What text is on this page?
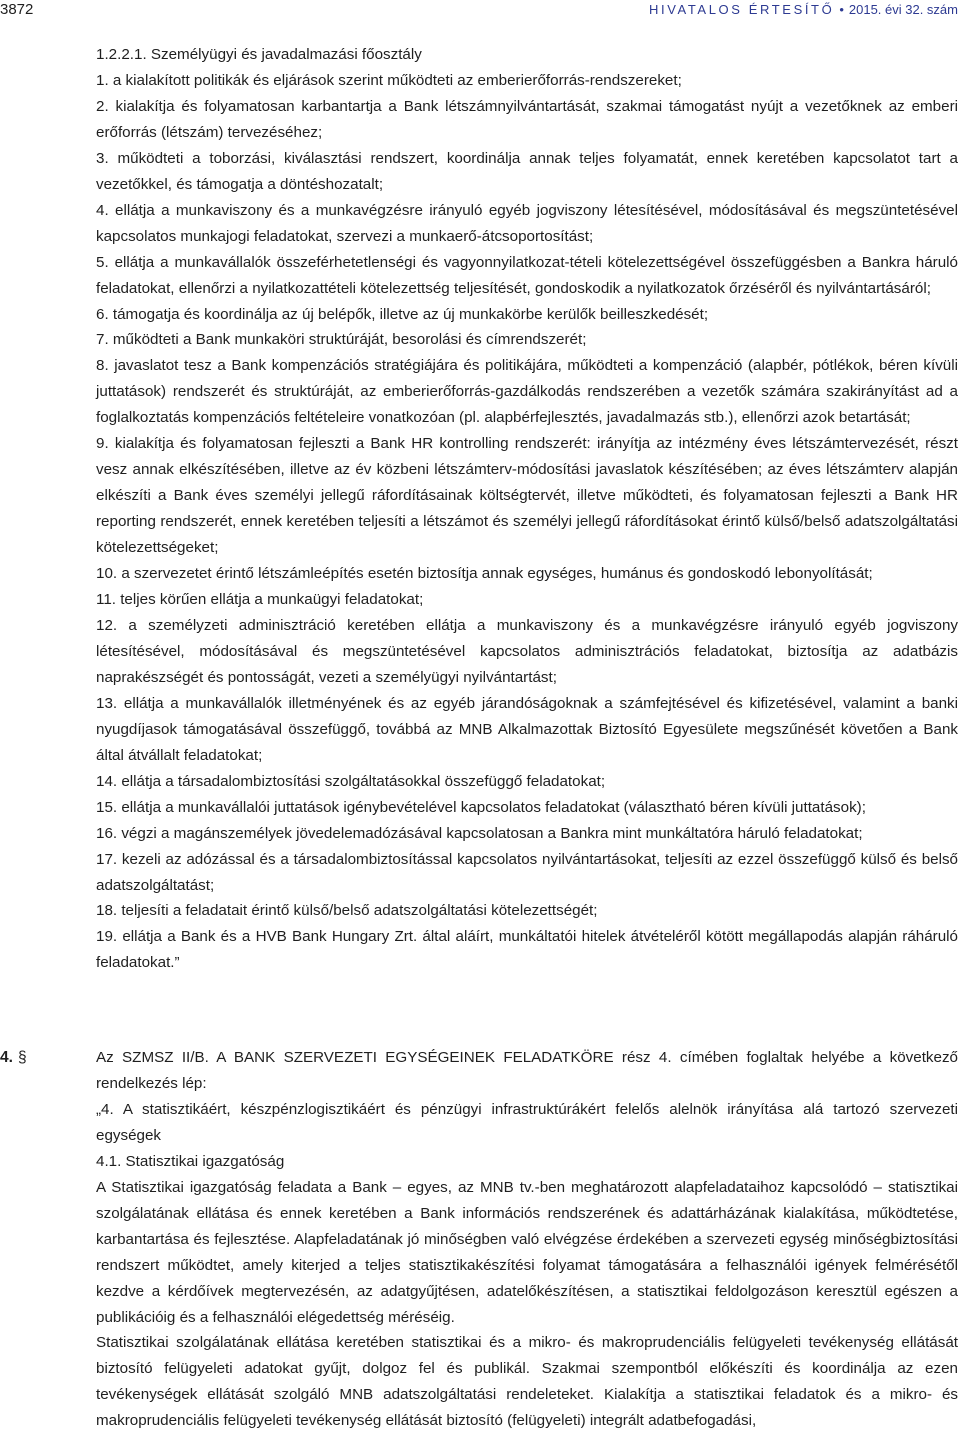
3872	HIVATALOS ÉRTESÍTŐ • 2015. évi 32. szám

1.2.2.1. Személyügyi és javadalmazási főosztály

1. a kialakított politikák és eljárások szerint működteti az emberierőforrás-rendszereket;

2. kialakítja és folyamatosan karbantartja a Bank létszámnyilvántartását, szakmai támogatást nyújt a vezetőknek az emberi erőforrás (létszám) tervezéséhez;

3. működteti a toborzási, kiválasztási rendszert, koordinálja annak teljes folyamatát, ennek keretében kapcsolatot tart a vezetőkkel, és támogatja a döntéshozatalt;

4. ellátja a munkaviszony és a munkavégzésre irányuló egyéb jogviszony létesítésével, módosításával és megszüntetésével kapcsolatos munkajogi feladatokat, szervezi a munkaerő-átcsoportosítást;

5. ellátja a munkavállalók összeférhetetlenségi és vagyonnyilatkozat-tételi kötelezettségével összefüggésben a Bankra háruló feladatokat, ellenőrzi a nyilatkozattételi kötelezettség teljesítését, gondoskodik a nyilatkozatok őrzéséről és nyilvántartásáról;

6. támogatja és koordinálja az új belépők, illetve az új munkakörbe kerülők beilleszkedését;

7. működteti a Bank munkaköri struktúráját, besorolási és címrendszerét;

8. javaslatot tesz a Bank kompenzációs stratégiájára és politikájára, működteti a kompenzáció (alapbér, pótlékok, béren kívüli juttatások) rendszerét és struktúráját, az emberierőforrás-gazdálkodás rendszerében a vezetők számára szakirányítást ad a foglalkoztatás kompenzációs feltételeire vonatkozóan (pl. alapbérfejlesztés, javadalmazás stb.), ellenőrzi azok betartását;

9. kialakítja és folyamatosan fejleszti a Bank HR kontrolling rendszerét: irányítja az intézmény éves létszámtervezését, részt vesz annak elkészítésében, illetve az év közbeni létszámterv-módosítási javaslatok készítésében; az éves létszámterv alapján elkészíti a Bank éves személyi jellegű ráfordításainak költségtervét, illetve működteti, és folyamatosan fejleszti a Bank HR reporting rendszerét, ennek keretében teljesíti a létszámot és személyi jellegű ráfordításokat érintő külső/belső adatszolgáltatási kötelezettségeket;

10. a szervezetet érintő létszámleépítés esetén biztosítja annak egységes, humánus és gondoskodó lebonyolítását;

11. teljes körűen ellátja a munkaügyi feladatokat;

12. a személyzeti adminisztráció keretében ellátja a munkaviszony és a munkavégzésre irányuló egyéb jogviszony létesítésével, módosításával és megszüntetésével kapcsolatos adminisztrációs feladatokat, biztosítja az adatbázis naprakészségét és pontosságát, vezeti a személyügyi nyilvántartást;

13. ellátja a munkavállalók illetményének és az egyéb járandóságoknak a számfejtésével és kifizetésével, valamint a banki nyugdíjasok támogatásával összefüggő, továbbá az MNB Alkalmazottak Biztosító Egyesülete megszűnését követően a Bank által átvállalt feladatokat;

14. ellátja a társadalombiztosítási szolgáltatásokkal összefüggő feladatokat;

15. ellátja a munkavállalói juttatások igénybevételével kapcsolatos feladatokat (választható béren kívüli juttatások);

16. végzi a magánszemélyek jövedelemadózásával kapcsolatosan a Bankra mint munkáltatóra háruló feladatokat;

17. kezeli az adózással és a társadalombiztosítással kapcsolatos nyilvántartásokat, teljesíti az ezzel összefüggő külső és belső adatszolgáltatást;

18. teljesíti a feladatait érintő külső/belső adatszolgáltatási kötelezettségét;

19. ellátja a Bank és a HVB Bank Hungary Zrt. által aláírt, munkáltatói hitelek átvételéről kötött megállapodás alapján ráháruló feladatokat.”

4. §	Az SZMSZ II/B. A BANK SZERVEZETI EGYSÉGEINEK FELADATKÖRE rész 4. címében foglaltak helyébe a következő rendelkezés lép:

„4. A statisztikáért, készpénzlogisztikáért és pénzügyi infrastruktúrákért felelős alelnök irányítása alá tartozó szervezeti egységek

4.1. Statisztikai igazgatóság

A Statisztikai igazgatóság feladata a Bank – egyes, az MNB tv.-ben meghatározott alapfeladataihoz kapcsolódó – statisztikai szolgálatának ellátása és ennek keretében a Bank információs rendszerének és adattárházának kialakítása, működtetése, karbantartása és fejlesztése. Alapfeladatának jó minőségben való elvégzése érdekében a szervezeti egység minőségbiztosítási rendszert működtet, amely kiterjed a teljes statisztikakészítési folyamat támogatására a felhasználói igények felmérésétől kezdve a kérdőívek megtervezésén, az adatgyűjtésen, adatelőkészítésen, a statisztikai feldolgozáson keresztül egészen a publikációig és a felhasználói elégedettség méréséig.

Statisztikai szolgálatának ellátása keretében statisztikai és a mikro- és makroprudenciális felügyeleti tevékenység ellátását biztosító felügyeleti adatokat gyűjt, dolgoz fel és publikál. Szakmai szempontból előkészíti és koordinálja az ezen tevékenységek ellátását szolgáló MNB adatszolgáltatási rendeleteket. Kialakítja a statisztikai feladatok és a mikro- és makroprudenciális felügyeleti tevékenység ellátását biztosító (felügyeleti) integrált adatbefogadási,
